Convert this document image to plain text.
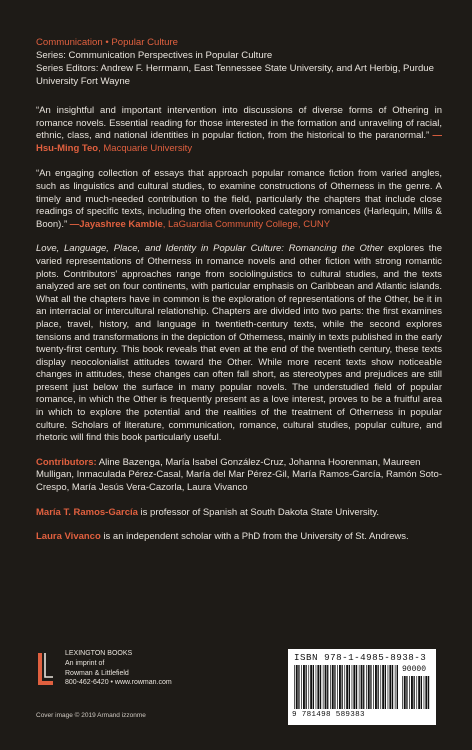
Communication • Popular Culture
Series: Communication Perspectives in Popular Culture
Series Editors: Andrew F. Herrmann, East Tennessee State University, and Art Herbig, Purdue University Fort Wayne
“An insightful and important intervention into discussions of diverse forms of Othering in romance novels. Essential reading for those interested in the formation and unraveling of racial, ethnic, class, and national identities in popular fiction, from the historical to the paranormal.” —Hsu-Ming Teo, Macquarie University
“An engaging collection of essays that approach popular romance fiction from varied angles, such as linguistics and cultural studies, to examine constructions of Otherness in the genre. A timely and much-needed contribution to the field, particularly the chapters that include close readings of specific texts, including the often overlooked category romances (Harlequin, Mills & Boon).” —Jayashree Kamble, LaGuardia Community College, CUNY
Love, Language, Place, and Identity in Popular Culture: Romancing the Other explores the varied representations of Otherness in romance novels and other fiction with strong romantic plots. Contributors’ approaches range from sociolinguistics to cultural studies, and the texts analyzed are set on four continents, with particular emphasis on Caribbean and Atlantic islands. What all the chapters have in common is the exploration of representations of the Other, be it in an interracial or intercultural relationship. Chapters are divided into two parts: the first examines place, travel, history, and language in twentieth-century texts, while the second explores tensions and transformations in the depiction of Otherness, mainly in texts published in the early twenty-first century. This book reveals that even at the end of the twentieth century, these texts display neocolonialist attitudes toward the Other. While more recent texts show noticeable changes in attitudes, these changes can often fall short, as stereotypes and prejudices are still present just below the surface in many popular novels. The understudied field of popular romance, in which the Other is frequently present as a love interest, proves to be a fruitful area in which to explore the potential and the realities of the treatment of Otherness in popular culture. Scholars of literature, communication, romance, cultural studies, popular culture, and rhetoric will find this book particularly useful.
Contributors: Aline Bazenga, María Isabel González-Cruz, Johanna Hoorenman, Maureen Mulligan, Inmaculada Pérez-Casal, María del Mar Pérez-Gil, María Ramos-García, Ramón Soto-Crespo, María Jesús Vera-Cazorla, Laura Vivanco
María T. Ramos-García is professor of Spanish at South Dakota State University.
Laura Vivanco is an independent scholar with a PhD from the University of St. Andrews.
LEXINGTON BOOKS
An imprint of
Rowman & Littlefield
800-462-6420 • www.rowman.com
ISBN 978-1-4985-8938-3
90000
9 781498 589383
Cover image © 2019 Armand izzonme
